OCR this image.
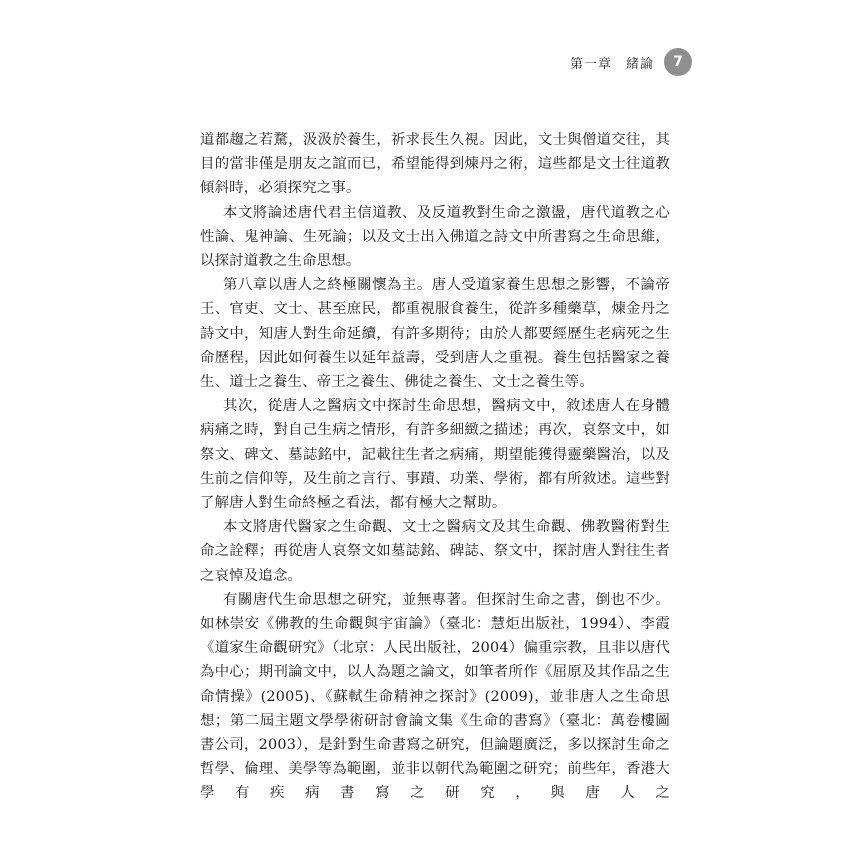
第一章　緒論	7

道都趨之若騖，汲汲於養生，祈求長生久視。因此，文士與僧道交往，其目的當非僅是朋友之誼而已，希望能得到煉丹之術，這些都是文士往道教傾斜時，必須探究之事。

本文將論述唐代君主信道教、及反道教對生命之激盪，唐代道教之心性論、鬼神論、生死論；以及文士出入佛道之詩文中所書寫之生命思維，以探討道教之生命思想。

第八章以唐人之終極關懷為主。唐人受道家養生思想之影響，不論帝王、官吏、文士、甚至庶民，都重視服食養生，從許多種藥草，煉金丹之詩文中，知唐人對生命延續，有許多期待；由於人都要經歷生老病死之生命歷程，因此如何養生以延年益壽，受到唐人之重視。養生包括醫家之養生、道士之養生、帝王之養生、佛徒之養生、文士之養生等。

其次，從唐人之醫病文中探討生命思想，醫病文中，敘述唐人在身體病痛之時，對自己生病之情形，有許多細緻之描述；再次，哀祭文中，如祭文、碑文、墓誌銘中，記載往生者之病痛，期望能獲得靈藥醫治，以及生前之信仰等，及生前之言行、事蹟、功業、學術，都有所敘述。這些對了解唐人對生命終極之看法，都有極大之幫助。

本文將唐代醫家之生命觀、文士之醫病文及其生命觀、佛教醫術對生命之詮釋；再從唐人哀祭文如墓誌銘、碑誌、祭文中，探討唐人對往生者之哀悼及追念。

有關唐代生命思想之研究，並無專著。但探討生命之書，倒也不少。如林崇安《佛教的生命觀與宇宙論》（臺北：慧炬出版社，1994）、李霞《道家生命觀研究》（北京：人民出版社，2004）偏重宗教，且非以唐代為中心；期刊論文中，以人為題之論文，如筆者所作《屈原及其作品之生命情操》(2005)、《蘇軾生命精神之探討》(2009)，並非唐人之生命思想；第二屆主題文學學術研討會論文集《生命的書寫》（臺北：萬卷樓圖書公司，2003），是針對生命書寫之研究，但論題廣泛，多以探討生命之哲學、倫理、美學等為範圍，並非以朝代為範圍之研究；前些年，香港大學有疾病書寫之研究，與唐人之
